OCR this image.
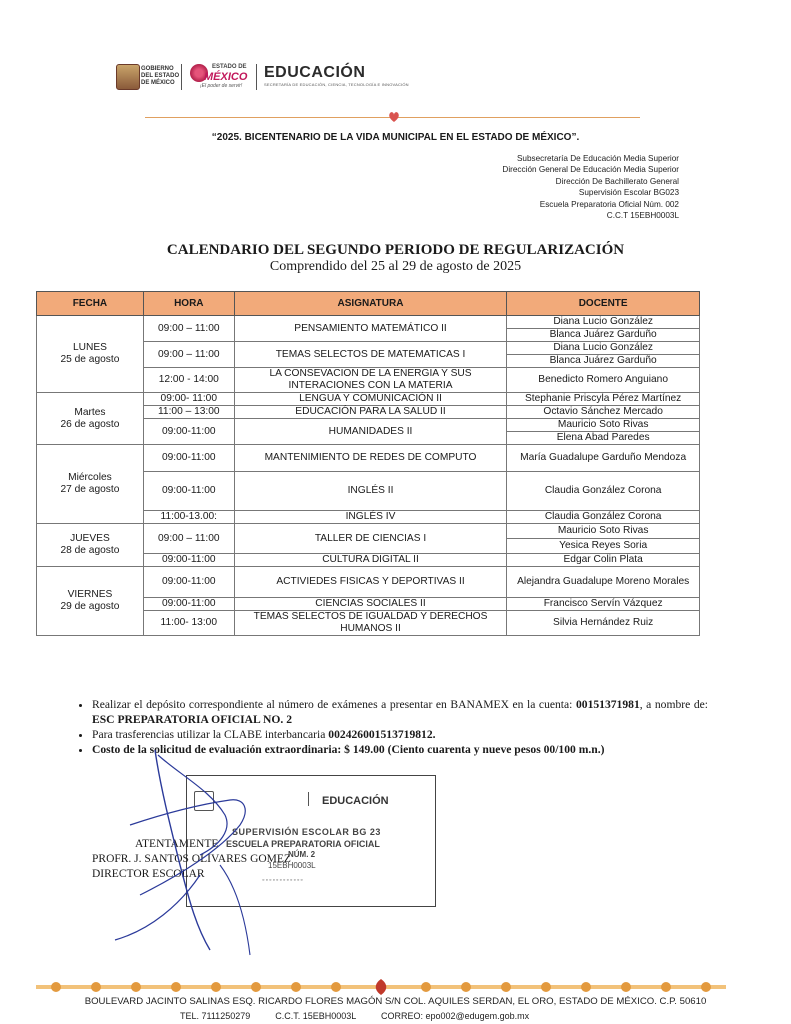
GOBIERNO DEL ESTADO DE MÉXICO
ESTADO DE
MÉXICO
¡El poder de servir!
EDUCACIÓN
SECRETARÍA DE EDUCACIÓN, CIENCIA, TECNOLOGÍA E INNOVACIÓN
“2025. BICENTENARIO DE LA VIDA MUNICIPAL EN EL ESTADO DE MÉXICO”.
Subsecretaría De Educación Media Superior
Dirección General De Educación Media Superior
Dirección De Bachillerato General
Supervisión Escolar BG023
Escuela Preparatoria Oficial Núm. 002
C.C.T 15EBH0003L
CALENDARIO DEL SEGUNDO PERIODO DE REGULARIZACIÓN
Comprendido del 25 al 29 de agosto de 2025
FECHA	HORA	ASIGNATURA	DOCENTE

LUNES
25 de agosto	09:00 – 11:00	PENSAMIENTO MATEMÁTICO II	Diana Lucio González
			Blanca Juárez Garduño
	09:00 – 11:00	TEMAS SELECTOS DE MATEMATICAS I	Diana Lucio González
			Blanca Juárez Garduño
	12:00 - 14:00	LA CONSEVACION DE LA ENERGIA Y SUS INTERACIONES CON LA MATERIA	Benedicto Romero Anguiano

Martes
26 de agosto	09:00- 11:00	LENGUA Y COMUNICACIÓN II	Stephanie Priscyla Pérez Martínez
	11:00 – 13:00	EDUCACIÓN PARA LA SALUD II	Octavio Sánchez Mercado
	09:00-11:00	HUMANIDADES II	Mauricio Soto Rivas
			Elena Abad Paredes

Miércoles
27 de agosto	09:00-11:00	MANTENIMIENTO DE REDES DE COMPUTO	María Guadalupe Garduño Mendoza
	09:00-11:00	INGLÉS II	Claudia González Corona
	11:00-13.00:	INGLÉS IV	Claudia González Corona

JUEVES
28 de agosto	09:00 – 11:00	TALLER DE CIENCIAS I	Mauricio Soto Rivas
			Yesica Reyes Soria
	09:00-11:00	CULTURA DIGITAL II	Edgar Colin Plata

VIERNES
29 de agosto	09:00-11:00	ACTIVIEDES FISICAS Y DEPORTIVAS II	Alejandra Guadalupe Moreno Morales
	09:00-11:00	CIENCIAS SOCIALES II	Francisco Servín Vázquez
	11:00- 13:00	TEMAS SELECTOS DE IGUALDAD Y DERECHOS HUMANOS II	Silvia Hernández Ruiz
• Realizar el depósito correspondiente al número de exámenes a presentar en BANAMEX en la cuenta: 00151371981, a nombre de: ESC PREPARATORIA OFICIAL NO. 2
• Para trasferencias utilizar la CLABE interbancaria 002426001513719812.
• Costo de la solicitud de evaluación extraordinaria: $ 149.00 (Ciento cuarenta y nueve pesos 00/100 m.n.)
EDUCACIÓN
SUPERVISIÓN ESCOLAR BG 23
ESCUELA PREPARATORIA OFICIAL
NÚM. 2
15EBH0003L
◦◦◦◦◦◦◦◦◦◦◦◦
ATENTAMENTE
PROFR. J. SANTOS OLIVARES GOMEZ
DIRECTOR ESCOLAR
BOULEVARD JACINTO SALINAS ESQ. RICARDO FLORES MAGÓN S/N COL. AQUILES SERDAN, EL ORO, ESTADO DE MÉXICO. C.P. 50610
TEL. 7111250279          C.C.T. 15EBH0003L          CORREO: epo002@edugem.gob.mx
